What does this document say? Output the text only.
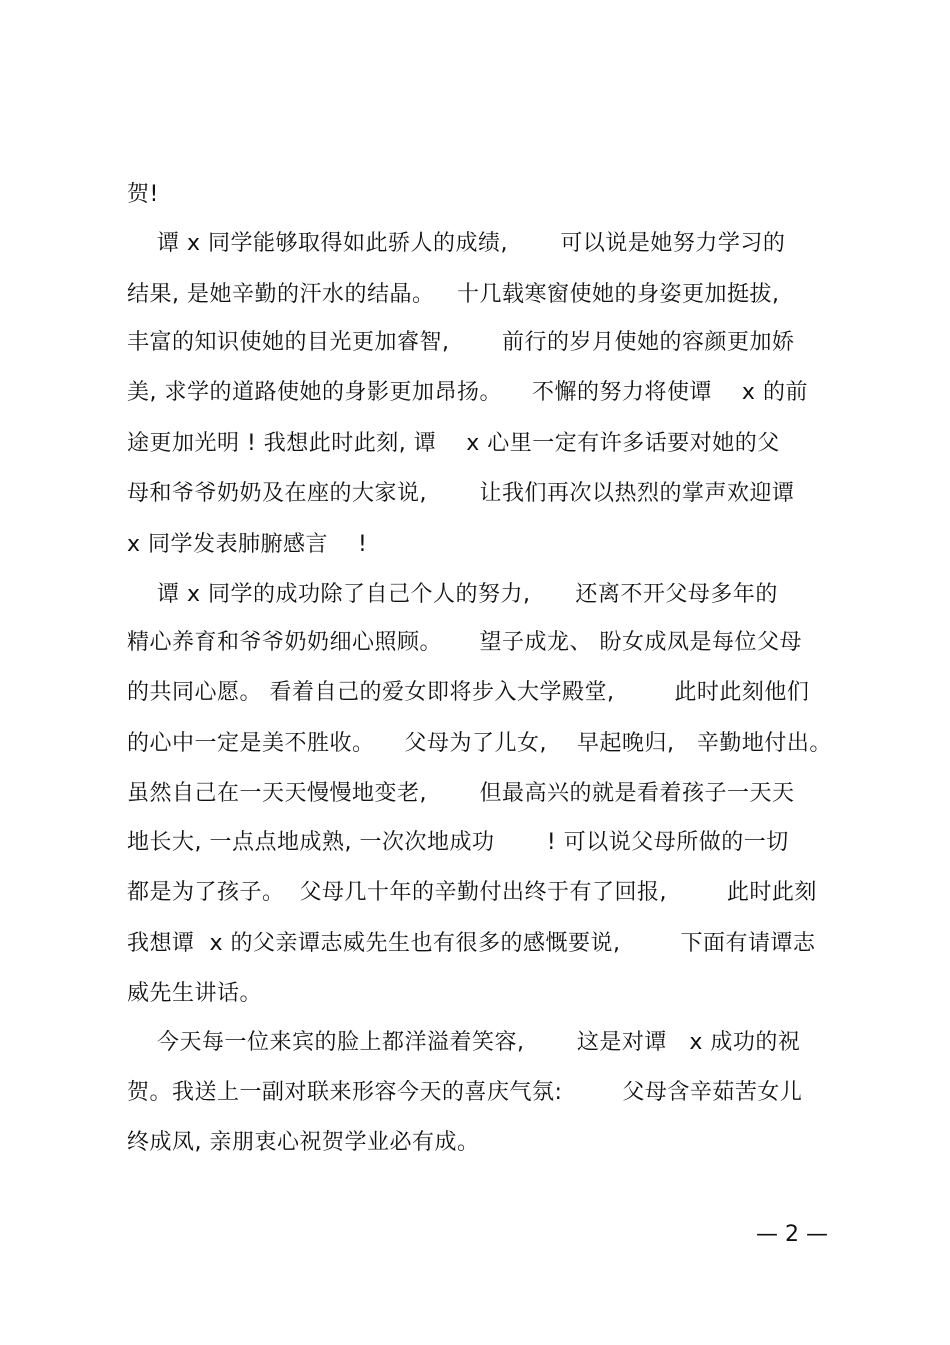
贺!
谭 x 同学能够取得如此骄人的成绩,       可以说是她努力学习的
结果, 是她辛勤的汗水的结晶。   十几载寒窗使她的身姿更加挺拔,
丰富的知识使她的目光更加睿智,       前行的岁月使她的容颜更加娇
美, 求学的道路使她的身影更加昂扬。    不懈的努力将使谭    x 的前
途更加光明 ! 我想此时此刻, 谭    x 心里一定有许多话要对她的父
母和爷爷奶奶及在座的大家说,       让我们再次以热烈的掌声欢迎谭
x 同学发表肺腑感言    !
谭 x 同学的成功除了自己个人的努力,      还离不开父母多年的
精心养育和爷爷奶奶细心照顾。     望子成龙、 盼女成凤是每位父母
的共同心愿。 看着自己的爱女即将步入大学殿堂,        此时此刻他们
的心中一定是美不胜收。    父母为了儿女,    早起晚归,   辛勤地付出。
虽然自己在一天天慢慢地变老,       但最高兴的就是看着孩子一天天
地长大, 一点点地成熟, 一次次地成功       ! 可以说父母所做的一切
都是为了孩子。  父母几十年的辛勤付出终于有了回报,        此时此刻
我想谭  x 的父亲谭志威先生也有很多的感慨要说,        下面有请谭志
威先生讲话。
今天每一位来宾的脸上都洋溢着笑容,       这是对谭   x 成功的祝
贺。我送上一副对联来形容今天的喜庆气氛:        父母含辛茹苦女儿
终成凤, 亲朋衷心祝贺学业必有成。
— 2 —
